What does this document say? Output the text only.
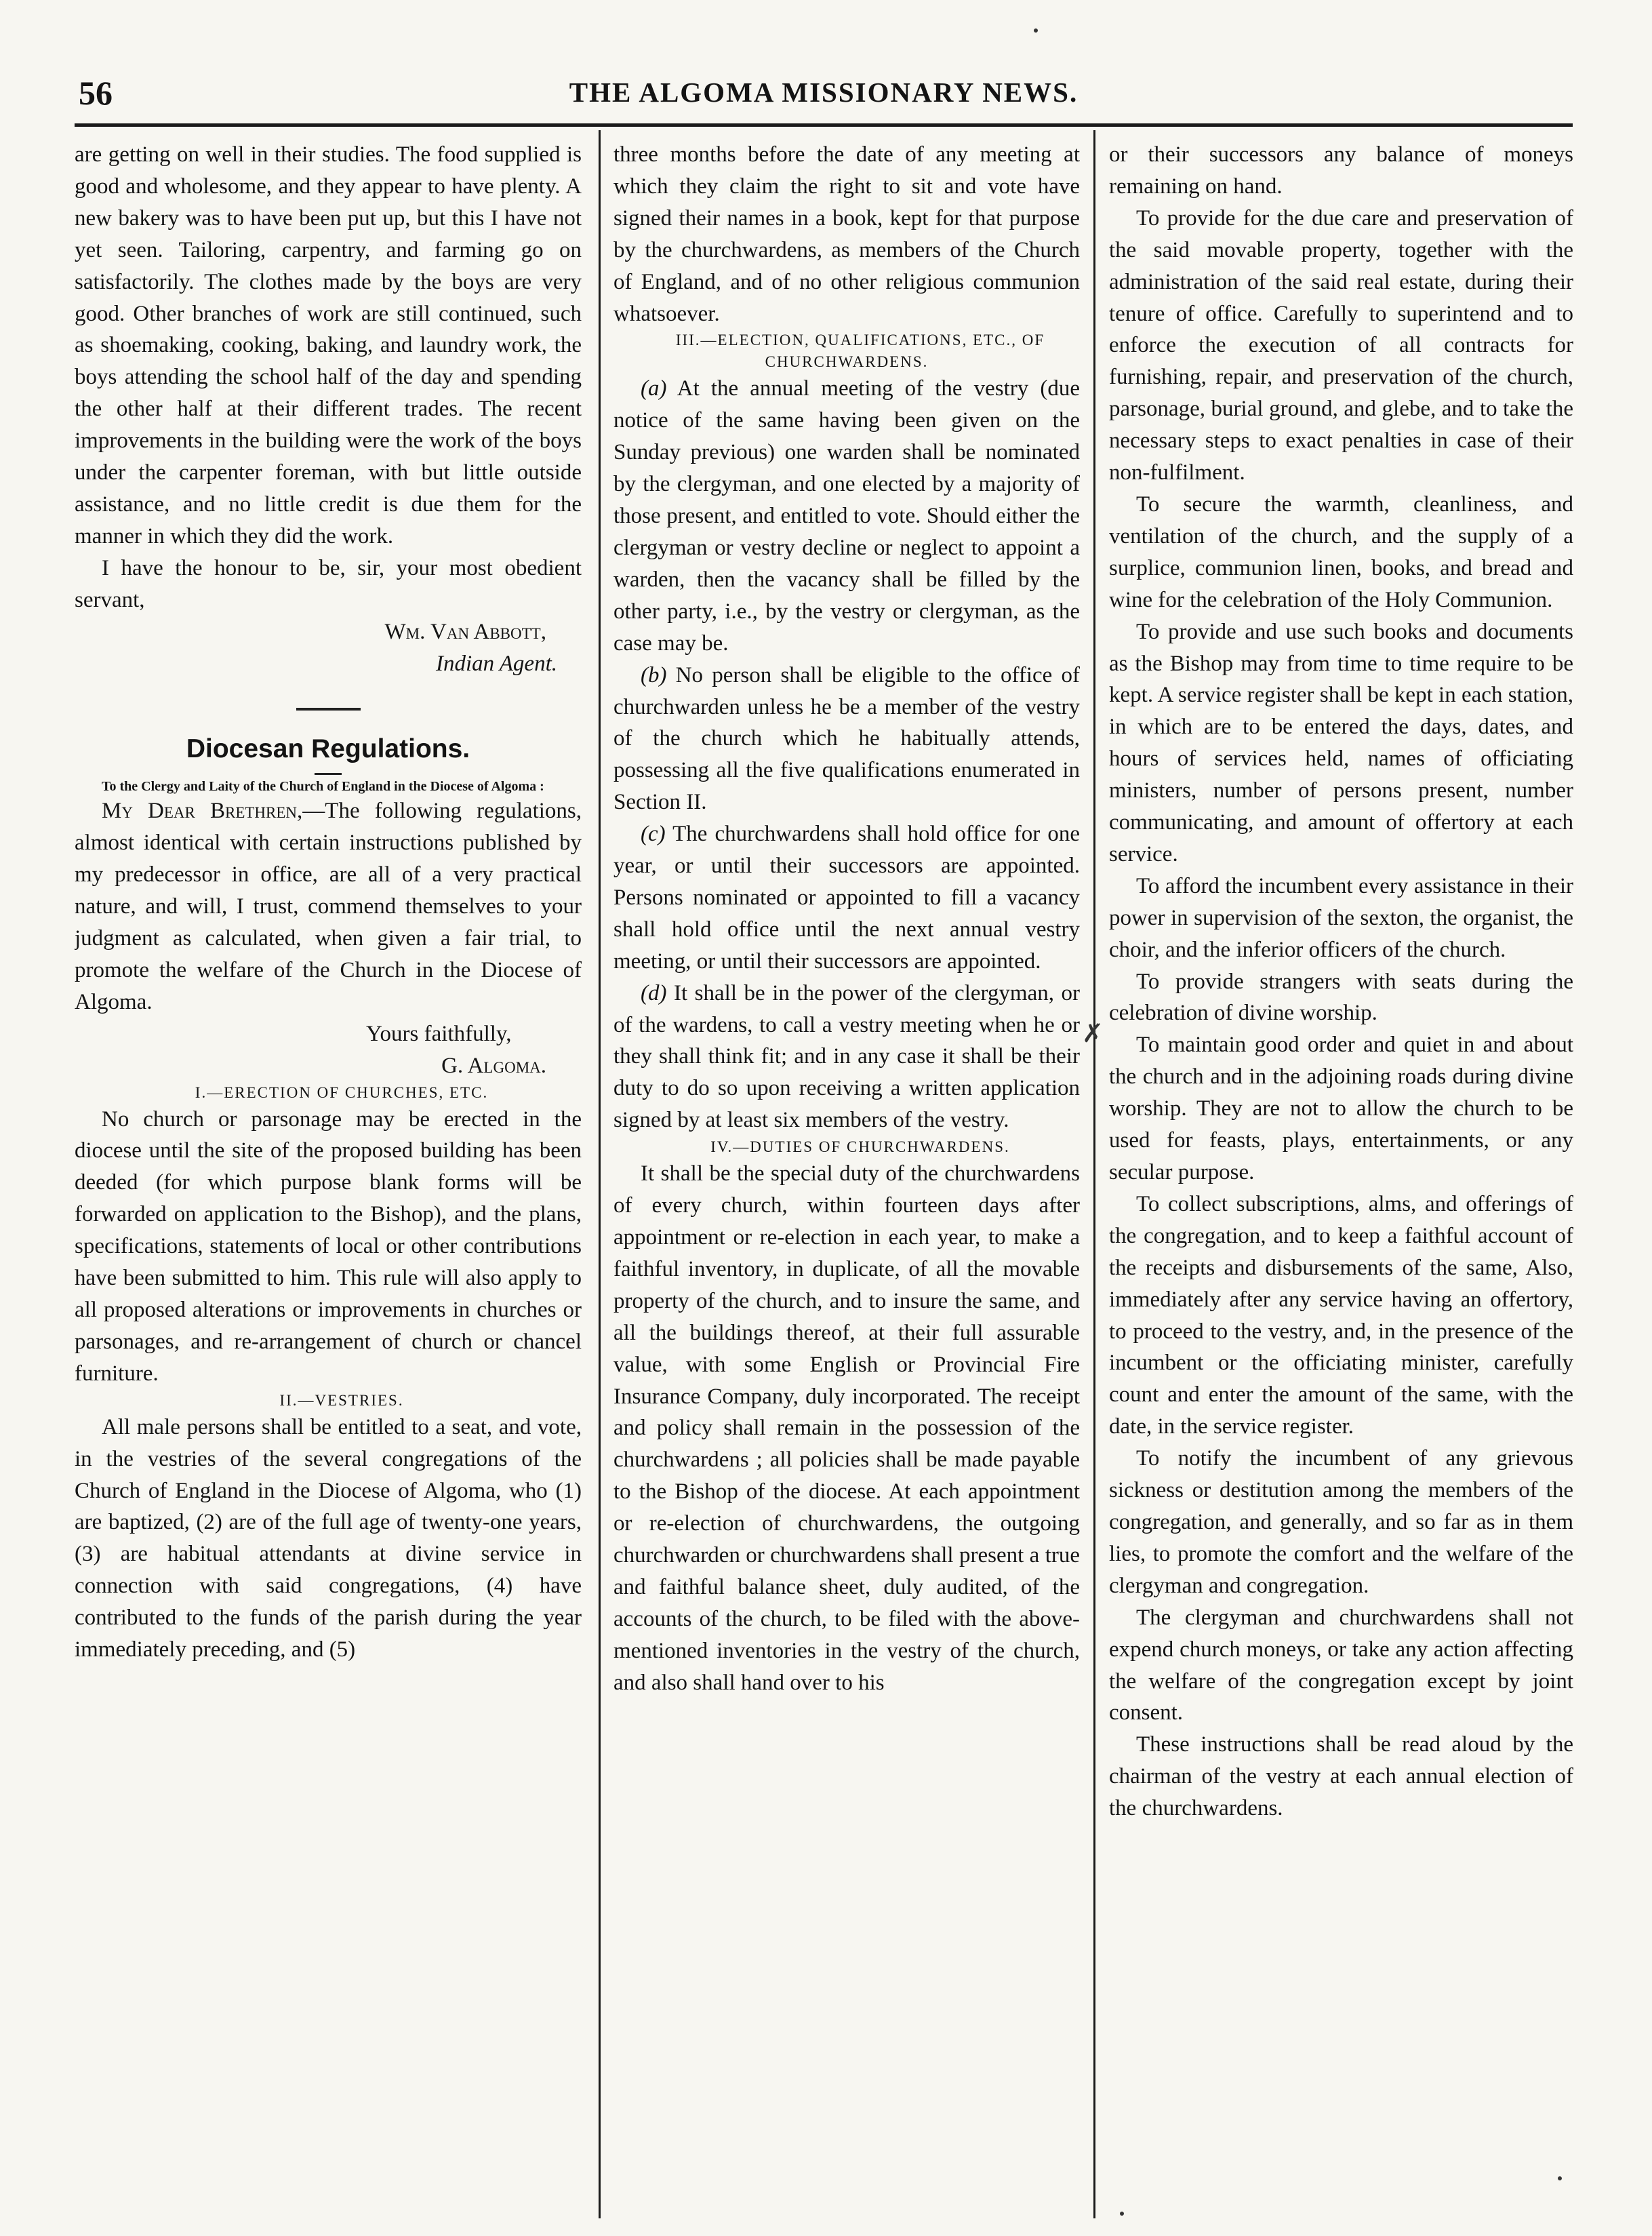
56	THE ALGOMA MISSIONARY NEWS.

are getting on well in their studies. The food supplied is good and wholesome, and they appear to have plenty. A new bakery was to have been put up, but this I have not yet seen. Tailoring, carpentry, and farming go on satisfactorily. The clothes made by the boys are very good. Other branches of work are still continued, such as shoemaking, cooking, baking, and laundry work, the boys attending the school half of the day and spending the other half at their different trades. The recent improvements in the building were the work of the boys under the carpenter foreman, with but little outside assistance, and no little credit is due them for the manner in which they did the work.

I have the honour to be, sir, your most obedient servant,

Wm. Van Abbott,

Indian Agent.

Diocesan Regulations.

To the Clergy and Laity of the Church of England in the Diocese of Algoma :

My Dear Brethren,—The following regulations, almost identical with certain instructions published by my predecessor in office, are all of a very practical nature, and will, I trust, commend themselves to your judgment as calculated, when given a fair trial, to promote the welfare of the Church in the Diocese of Algoma.

Yours faithfully,

G. Algoma.

I.—ERECTION OF CHURCHES, ETC.

No church or parsonage may be erected in the diocese until the site of the proposed building has been deeded (for which purpose blank forms will be forwarded on application to the Bishop), and the plans, specifications, statements of local or other contributions have been submitted to him. This rule will also apply to all proposed alterations or improvements in churches or parsonages, and re-arrangement of church or chancel furniture.

II.—VESTRIES.

All male persons shall be entitled to a seat, and vote, in the vestries of the several congregations of the Church of England in the Diocese of Algoma, who (1) are baptized, (2) are of the full age of twenty-one years, (3) are habitual attendants at divine service in connection with said congregations, (4) have contributed to the funds of the parish during the year immediately preceding, and (5)

three months before the date of any meeting at which they claim the right to sit and vote have signed their names in a book, kept for that purpose by the churchwardens, as members of the Church of England, and of no other religious communion whatsoever.

III.—ELECTION, QUALIFICATIONS, ETC., OF CHURCHWARDENS.

(a) At the annual meeting of the vestry (due notice of the same having been given on the Sunday previous) one warden shall be nominated by the clergyman, and one elected by a majority of those present, and entitled to vote. Should either the clergyman or vestry decline or neglect to appoint a warden, then the vacancy shall be filled by the other party, i.e., by the vestry or clergyman, as the case may be.

(b) No person shall be eligible to the office of churchwarden unless he be a member of the vestry of the church which he habitually attends, possessing all the five qualifications enumerated in Section II.

(c) The churchwardens shall hold office for one year, or until their successors are appointed. Persons nominated or appointed to fill a vacancy shall hold office until the next annual vestry meeting, or until their successors are appointed.

(d) It shall be in the power of the clergyman, or of the wardens, to call a vestry meeting when he or they shall think fit; and in any case it shall be their duty to do so upon receiving a written application signed by at least six members of the vestry.

IV.—DUTIES OF CHURCHWARDENS.

It shall be the special duty of the churchwardens of every church, within fourteen days after appointment or re-election in each year, to make a faithful inventory, in duplicate, of all the movable property of the church, and to insure the same, and all the buildings thereof, at their full assurable value, with some English or Provincial Fire Insurance Company, duly incorporated. The receipt and policy shall remain in the possession of the churchwardens ; all policies shall be made payable to the Bishop of the diocese. At each appointment or re-election of churchwardens, the outgoing churchwarden or churchwardens shall present a true and faithful balance sheet, duly audited, of the accounts of the church, to be filed with the above-mentioned inventories in the vestry of the church, and also shall hand over to his

or their successors any balance of moneys remaining on hand.

To provide for the due care and preservation of the said movable property, together with the administration of the said real estate, during their tenure of office. Carefully to superintend and to enforce the execution of all contracts for furnishing, repair, and preservation of the church, parsonage, burial ground, and glebe, and to take the necessary steps to exact penalties in case of their non-fulfilment.

To secure the warmth, cleanliness, and ventilation of the church, and the supply of a surplice, communion linen, books, and bread and wine for the celebration of the Holy Communion.

To provide and use such books and documents as the Bishop may from time to time require to be kept. A service register shall be kept in each station, in which are to be entered the days, dates, and hours of services held, names of officiating ministers, number of persons present, number communicating, and amount of offertory at each service.

To afford the incumbent every assistance in their power in supervision of the sexton, the organist, the choir, and the inferior officers of the church.

To provide strangers with seats during the celebration of divine worship.

To maintain good order and quiet in and about the church and in the adjoining roads during divine worship. They are not to allow the church to be used for feasts, plays, entertainments, or any secular purpose.

To collect subscriptions, alms, and offerings of the congregation, and to keep a faithful account of the receipts and disbursements of the same, Also, immediately after any service having an offertory, to proceed to the vestry, and, in the presence of the incumbent or the officiating minister, carefully count and enter the amount of the same, with the date, in the service register.

To notify the incumbent of any grievous sickness or destitution among the members of the congregation, and generally, and so far as in them lies, to promote the comfort and the welfare of the clergyman and congregation.

The clergyman and churchwardens shall not expend church moneys, or take any action affecting the welfare of the congregation except by joint consent.

These instructions shall be read aloud by the chairman of the vestry at each annual election of the churchwardens.

✗
